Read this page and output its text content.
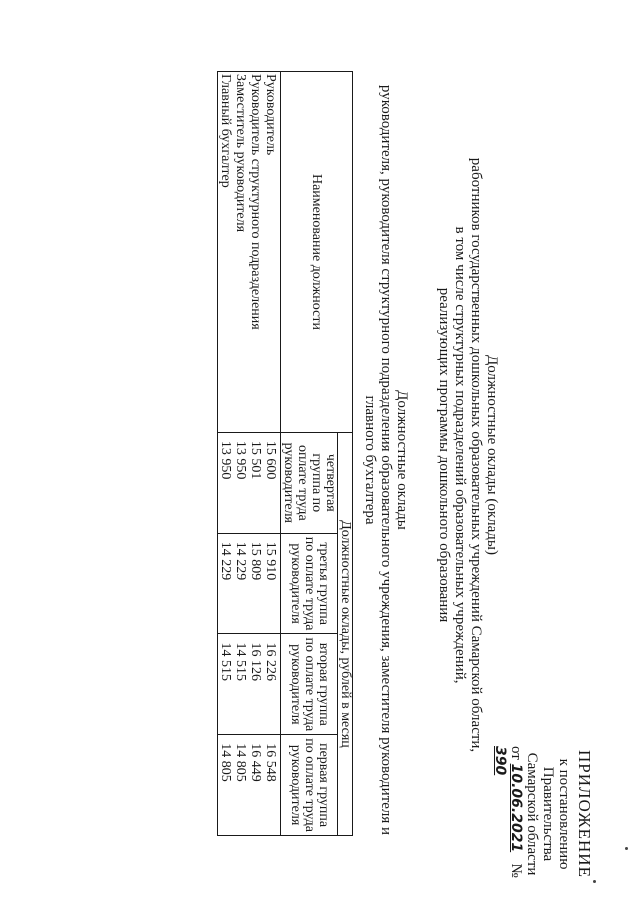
ПРИЛОЖЕНИЕ
к постановлению Правительства
Самарской области
от 10.06.2021   № 390
Должностные оклады (оклады)
работников государственных дошкольных образовательных учреждений Самарской области,
в том числе структурных подразделений образовательных учреждений,
реализующих программы дошкольного образования
Должностные оклады
руководителя, руководителя структурного подразделения образовательного учреждения, заместителя руководителя и
главного бухгалтера
Наименование должности	Должностные оклады, рублей в месяц			
	четвертая группа по оплате труда руководителя	третья группа по оплате труда руководителя	вторая группа по оплате труда руководителя	первая группа по оплате труда руководителя
Руководитель	15 600	15 910	16 226	16 548
Руководитель структурного подразделения	15 501	15 809	16 126	16 449
Заместитель руководителя	13 950	14 229	14 515	14 805
Главный бухгалтер	13 950	14 229	14 515	14 805
